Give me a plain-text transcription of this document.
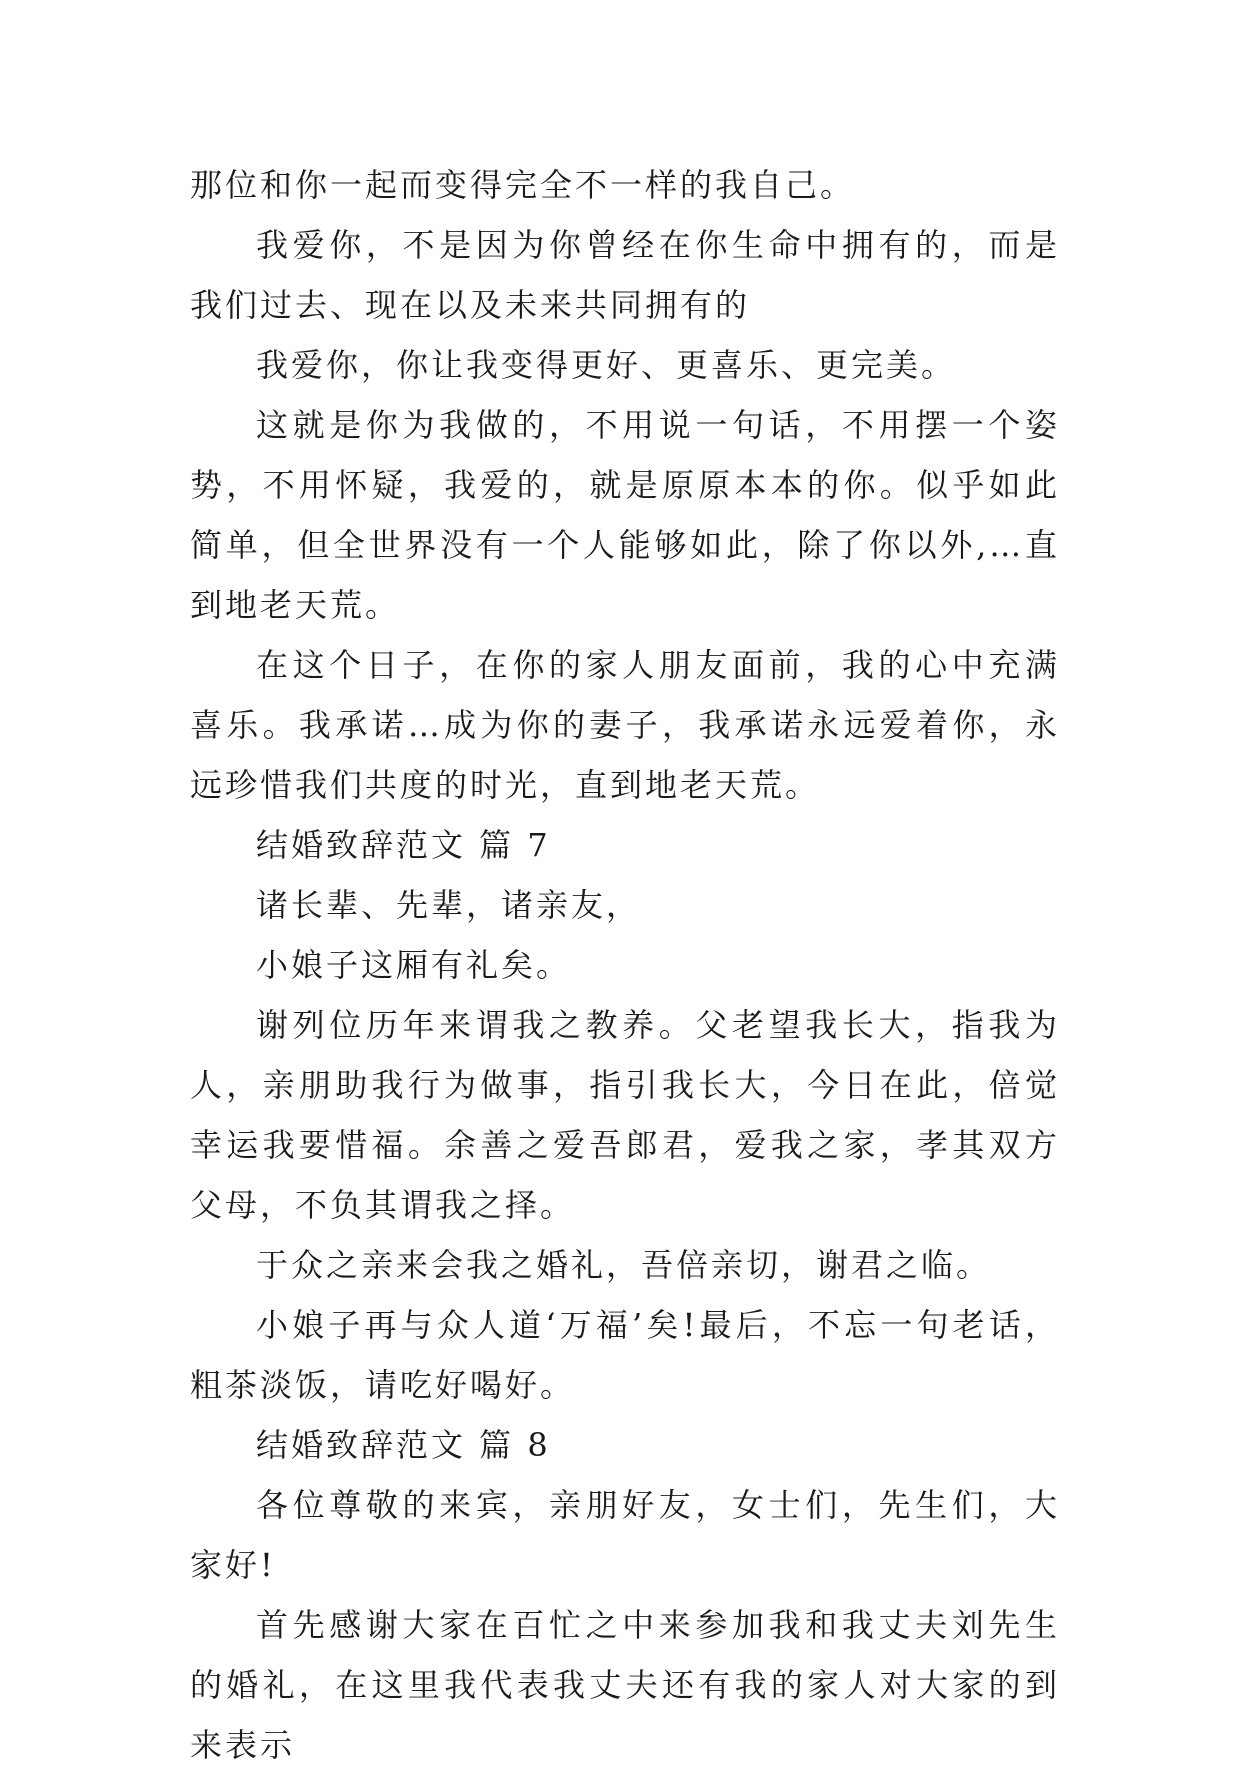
那位和你一起而变得完全不一样的我自己。

我爱你，不是因为你曾经在你生命中拥有的，而是我们过去、现在以及未来共同拥有的

我爱你，你让我变得更好、更喜乐、更完美。

这就是你为我做的，不用说一句话，不用摆一个姿势，不用怀疑，我爱的，就是原原本本的你。似乎如此简单，但全世界没有一个人能够如此，除了你以外,…直到地老天荒。

在这个日子，在你的家人朋友面前，我的心中充满喜乐。我承诺…成为你的妻子，我承诺永远爱着你，永远珍惜我们共度的时光，直到地老天荒。

结婚致辞范文 篇 7

诸长辈、先辈，诸亲友，

小娘子这厢有礼矣。

谢列位历年来谓我之教养。父老望我长大，指我为人，亲朋助我行为做事，指引我长大，今日在此，倍觉幸运我要惜福。余善之爱吾郎君，爱我之家，孝其双方父母，不负其谓我之择。

于众之亲来会我之婚礼，吾倍亲切，谢君之临。

小娘子再与众人道‘万福’矣!最后，不忘一句老话，粗茶淡饭，请吃好喝好。

结婚致辞范文 篇 8

各位尊敬的来宾，亲朋好友，女士们，先生们，大家好!

首先感谢大家在百忙之中来参加我和我丈夫刘先生的婚礼，在这里我代表我丈夫还有我的家人对大家的到来表示
